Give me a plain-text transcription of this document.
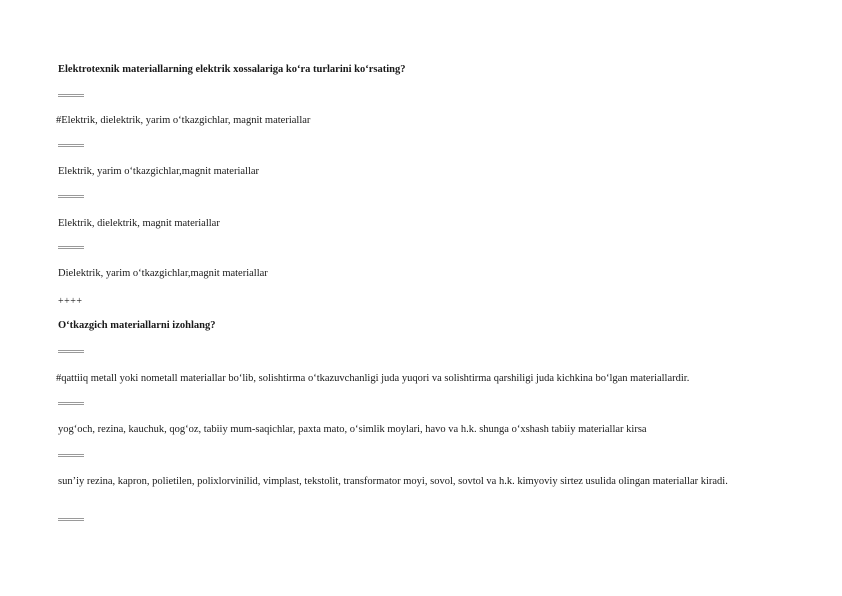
Elektrotexnik materiallarning elektrik xossalariga ko‘ra turlarini ko‘rsating?
#Elektrik, dielektrik, yarim o‘tkazgichlar, magnit materiallar
Elektrik, yarim o‘tkazgichlar,magnit materiallar
Elektrik, dielektrik, magnit materiallar
Dielektrik, yarim o‘tkazgichlar,magnit materiallar
++++
O‘tkazgich materiallarni izohlang?
#qattiiq metall yoki nometall materiallar bo‘lib, solishtirma o‘tkazuvchanligi juda yuqori va solishtirma qarshiligi juda kichkina bo‘lgan materiallardir.
yog‘och, rezina, kauchuk, qog‘oz, tabiiy mum-saqichlar, paxta mato, o‘simlik moylari, havo va h.k. shunga o‘xshash tabiiy materiallar kirsa
sun’iy rezina, kapron, polietilen, polixlorvinilid, vimplast, tekstolit, transformator moyi, sovol, sovtol va h.k. kimyoviy sirtez usulida olingan materiallar kiradi.
